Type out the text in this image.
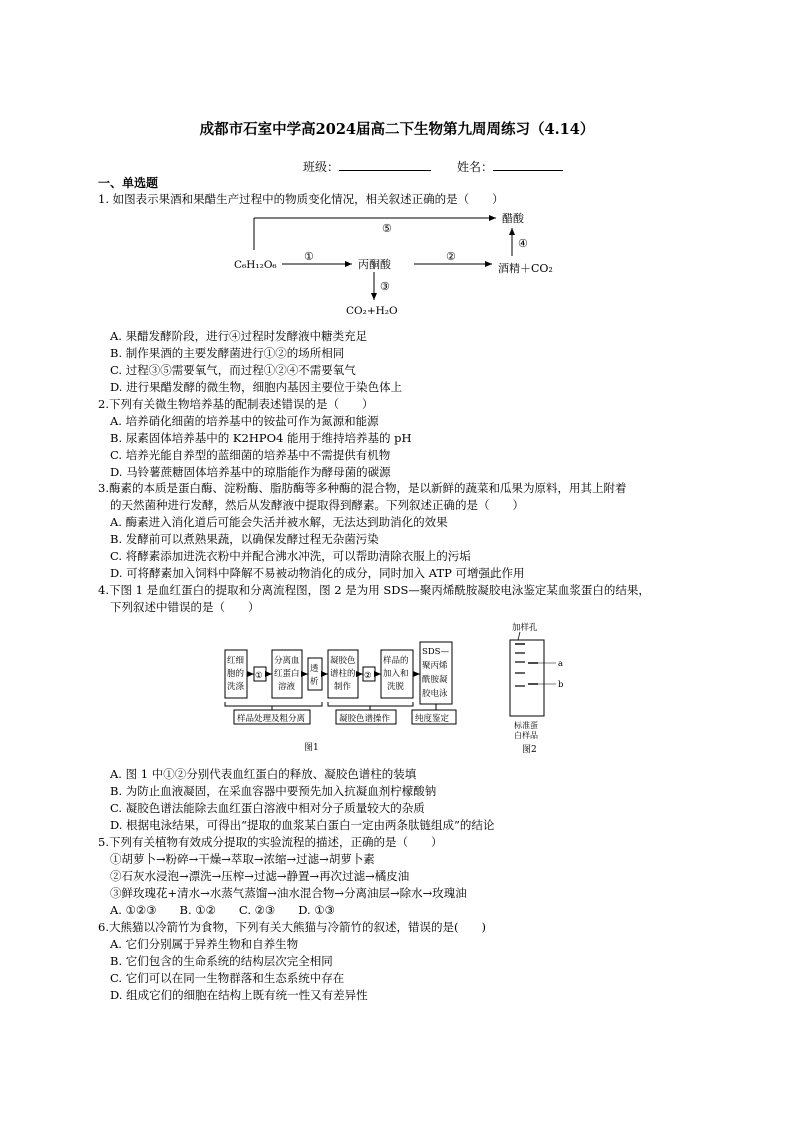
成都市石室中学高2024届高二下生物第九周周练习（4.14）
班级：	姓名：
一、单选题
1. 如图表示果酒和果醋生产过程中的物质变化情况，相关叙述正确的是（　　）
C₆H₁₂O₆	丙酮酸	酒精＋CO₂
醋酸
CO₂+H₂O
⑤
①	②
④
③
A. 果醋发酵阶段，进行④过程时发酵液中糖类充足
B. 制作果酒的主要发酵菌进行①②的场所相同
C. 过程③⑤需要氧气，而过程①②④不需要氧气
D. 进行果醋发酵的微生物，细胞内基因主要位于染色体上
2.下列有关微生物培养基的配制表述错误的是（　　）
A. 培养硝化细菌的培养基中的铵盐可作为氮源和能源
B. 尿素固体培养基中的 K2HPO4 能用于维持培养基的 pH
C. 培养光能自养型的蓝细菌的培养基中不需提供有机物
D. 马铃薯蔗糖固体培养基中的琼脂能作为酵母菌的碳源
3.酶素的本质是蛋白酶、淀粉酶、脂肪酶等多种酶的混合物，是以新鲜的蔬菜和瓜果为原料，用其上附着
的天然菌种进行发酵，然后从发酵液中提取得到酵素。下列叙述正确的是（　　）
A. 酶素进入消化道后可能会失活并被水解，无法达到助消化的效果
B. 发酵前可以煮熟果蔬，以确保发酵过程无杂菌污染
C. 将酵素添加进洗衣粉中并配合沸水冲洗，可以帮助清除衣服上的污垢
D. 可将酵素加入饲料中降解不易被动物消化的成分，同时加入 ATP 可增强此作用
4.下图 1 是血红蛋白的提取和分离流程图，图 2 是为用 SDS—聚丙烯酰胺凝胶电泳鉴定某血浆蛋白的结果，
下列叙述中错误的是（　　）
红细
胞的
洗涤
①
分离血
红蛋白
溶液
透
析
凝胶色
谱柱的
制作
②
样品的
加入和
洗脱
SDS—
聚丙烯
酰胺凝
胶电泳
样品处理及粗分离	凝胶色谱操作	纯度鉴定
图1
加样孔
a
b
标准蛋
白样品
图2
A. 图 1 中①②分别代表血红蛋白的释放、凝胶色谱柱的装填
B. 为防止血液凝固，在采血容器中要预先加入抗凝血剂柠檬酸钠
C. 凝胶色谱法能除去血红蛋白溶液中相对分子质量较大的杂质
D. 根据电泳结果，可得出“提取的血浆某白蛋白一定由两条肽链组成”的结论
5.下列有关植物有效成分提取的实验流程的描述，正确的是（　　）
①胡萝卜→粉碎→干燥→萃取→浓缩→过滤→胡萝卜素
②石灰水浸泡→漂洗→压榨→过滤→静置→再次过滤→橘皮油
③鲜玫瑰花+清水→水蒸气蒸馏→油水混合物→分离油层→除水→玫瑰油
A. ①②③　　B. ①②　　C. ②③　　D. ①③
6.大熊猫以冷箭竹为食物，下列有关大熊猫与冷箭竹的叙述，错误的是(　　)
A. 它们分别属于异养生物和自养生物
B. 它们包含的生命系统的结构层次完全相同
C. 它们可以在同一生物群落和生态系统中存在
D. 组成它们的细胞在结构上既有统一性又有差异性
